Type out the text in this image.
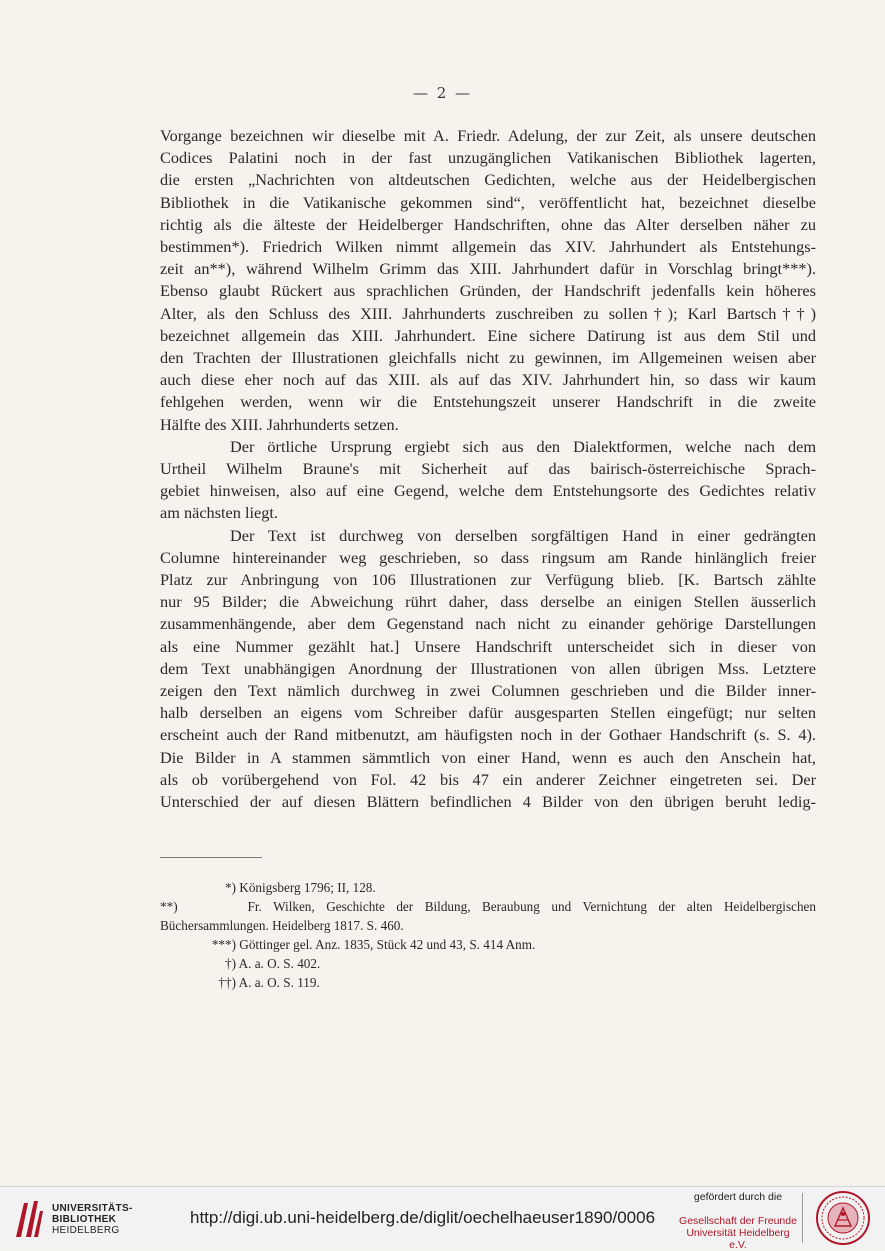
— 2 —

Vorgange bezeichnen wir dieselbe mit A. Friedr. Adelung, der zur Zeit, als unsere deutschen

Codices Palatini noch in der fast unzugänglichen Vatikanischen Bibliothek lagerten,

die ersten „Nachrichten von altdeutschen Gedichten, welche aus der Heidelbergischen

Bibliothek in die Vatikanische gekommen sind“, veröffentlicht hat, bezeichnet dieselbe

richtig als die älteste der Heidelberger Handschriften, ohne das Alter derselben näher zu

bestimmen*). Friedrich Wilken nimmt allgemein das XIV. Jahrhundert als Entstehungs-

zeit an**), während Wilhelm Grimm das XIII. Jahrhundert dafür in Vorschlag bringt***).

Ebenso glaubt Rückert aus sprachlichen Gründen, der Handschrift jedenfalls kein höheres

Alter, als den Schluss des XIII. Jahrhunderts zuschreiben zu sollen†); Karl Bartsch††)

bezeichnet allgemein das XIII. Jahrhundert. Eine sichere Datirung ist aus dem Stil und

den Trachten der Illustrationen gleichfalls nicht zu gewinnen, im Allgemeinen weisen aber

auch diese eher noch auf das XIII. als auf das XIV. Jahrhundert hin, so dass wir kaum

fehlgehen werden, wenn wir die Entstehungszeit unserer Handschrift in die zweite

Hälfte des XIII. Jahrhunderts setzen.

Der örtliche Ursprung ergiebt sich aus den Dialektformen, welche nach dem

Urtheil Wilhelm Braune's mit Sicherheit auf das bairisch-österreichische Sprach-

gebiet hinweisen, also auf eine Gegend, welche dem Entstehungsorte des Gedichtes relativ

am nächsten liegt.

Der Text ist durchweg von derselben sorgfältigen Hand in einer gedrängten

Columne hintereinander weg geschrieben, so dass ringsum am Rande hinlänglich freier

Platz zur Anbringung von 106 Illustrationen zur Verfügung blieb. [K. Bartsch zählte

nur 95 Bilder; die Abweichung rührt daher, dass derselbe an einigen Stellen äusserlich

zusammenhängende, aber dem Gegenstand nach nicht zu einander gehörige Darstellungen

als eine Nummer gezählt hat.] Unsere Handschrift unterscheidet sich in dieser von

dem Text unabhängigen Anordnung der Illustrationen von allen übrigen Mss. Letztere

zeigen den Text nämlich durchweg in zwei Columnen geschrieben und die Bilder inner-

halb derselben an eigens vom Schreiber dafür ausgesparten Stellen eingefügt; nur selten

erscheint auch der Rand mitbenutzt, am häufigsten noch in der Gothaer Handschrift (s. S. 4).

Die Bilder in A stammen sämmtlich von einer Hand, wenn es auch den Anschein hat,

als ob vorübergehend von Fol. 42 bis 47 ein anderer Zeichner eingetreten sei. Der

Unterschied der auf diesen Blättern befindlichen 4 Bilder von den übrigen beruht ledig-

*) Königsberg 1796; II, 128.
**)	Fr. Wilken, Geschichte der Bildung, Beraubung und Vernichtung der alten Heidelbergischen
Büchersammlungen. Heidelberg 1817. S. 460.
***) Göttinger gel. Anz. 1835, Stück 42 und 43, S. 414 Anm.
†) A. a. O. S. 402.
††) A. a. O. S. 119.
UNIVERSITÄTS-
BIBLIOTHEK
HEIDELBERG
http://digi.ub.uni-heidelberg.de/diglit/oechelhaeuser1890/0006
gefördert durch die
Gesellschaft der Freunde
Universität Heidelberg e.V.
